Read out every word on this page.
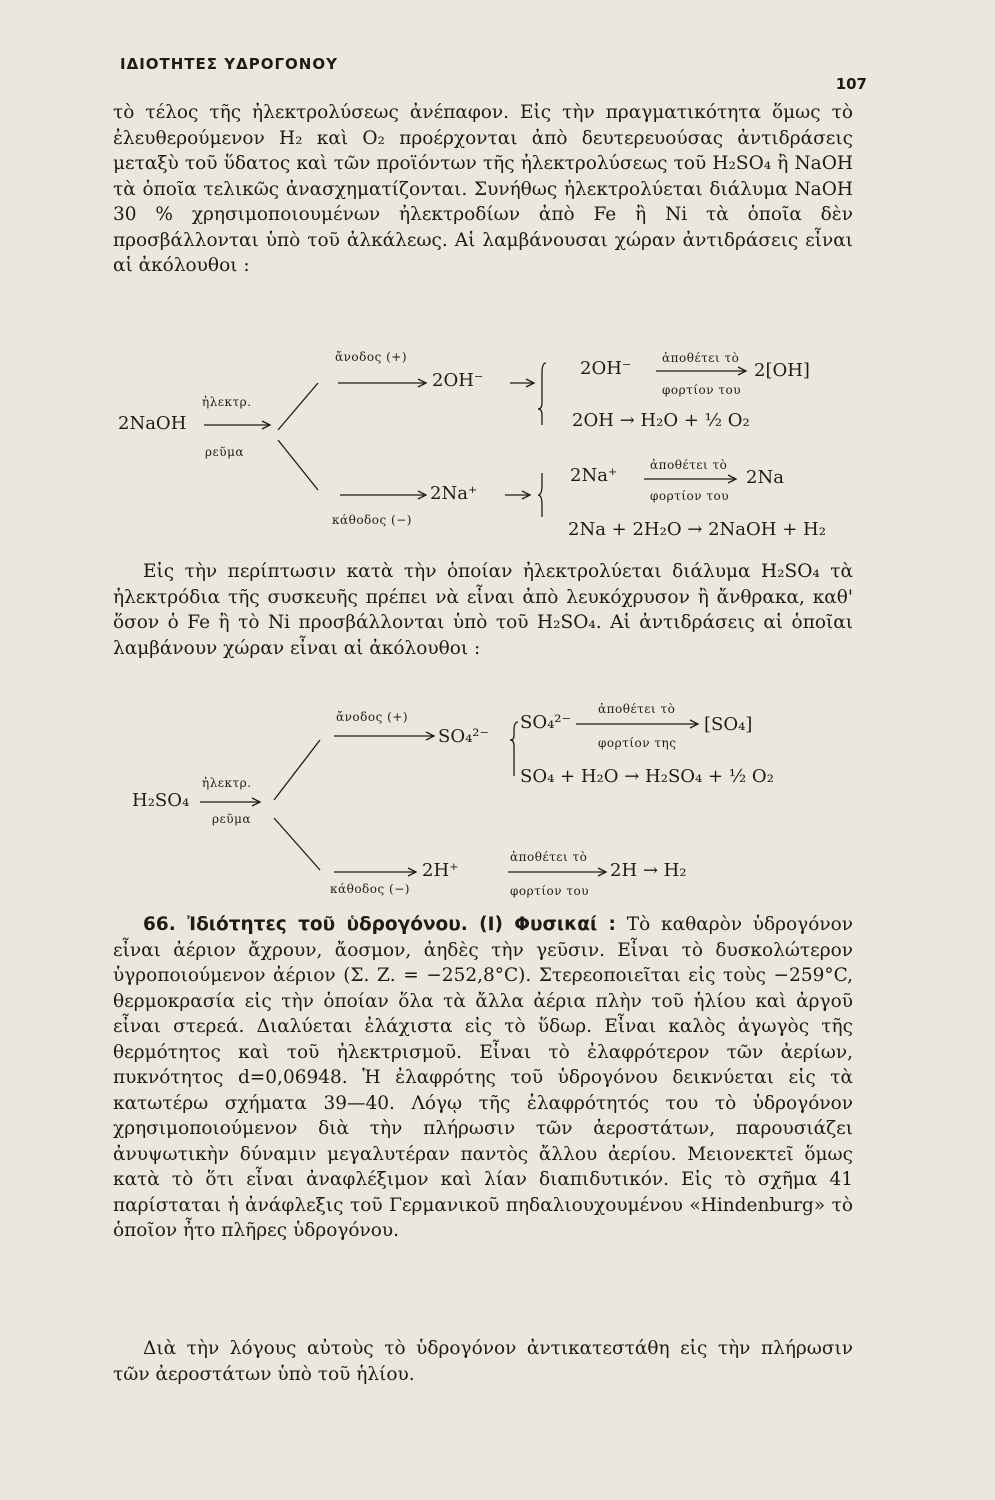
ΙΔΙΟΤΗΤΕΣ ΥΔΡΟΓΟΝΟΥ
107

τὸ τέλος τῆς ἠλεκτρολύσεως ἀνέπαφον. Εἰς τὴν πραγματικότητα ὅμως τὸ ἐλευθερούμενον H₂ καὶ O₂ προέρχονται ἀπὸ δευτερευούσας ἀντιδράσεις μεταξὺ τοῦ ὕδατος καὶ τῶν προϊόντων τῆς ἠλεκτρολύσεως τοῦ H₂SO₄ ἢ NaOH τὰ ὁποῖα τελικῶς ἀνασχηματίζονται. Συνήθως ἠλεκτρολύεται διάλυμα NaOH 30 % χρησιμοποιουμένων ἠλεκτροδίων ἀπὸ Fe ἢ Ni τὰ ὁποῖα δὲν προσβάλλονται ὑπὸ τοῦ ἀλκάλεως. Αἱ λαμβάνουσαι χώραν ἀντιδράσεις εἶναι αἱ ἀκόλουθοι :

2NaOH
ἠλεκτρ.
ρεῦμα
ἄνοδος (+)
2OH⁻
2OH⁻	ἀποθέτει τὸ
φορτίον του
2[OH]
2OH → H₂O + ½ O₂
κάθοδος (−)
2Na⁺
2Na⁺	ἀποθέτει τὸ
φορτίον του
2Na
2Na + 2H₂O → 2NaOH + H₂

Εἰς τὴν περίπτωσιν κατὰ τὴν ὁποίαν ἠλεκτρολύεται διάλυμα H₂SO₄ τὰ ἠλεκτρόδια τῆς συσκευῆς πρέπει νὰ εἶναι ἀπὸ λευκόχρυσον ἢ ἄνθρακα, καθ' ὅσον ὁ Fe ἢ τὸ Ni προσβάλλονται ὑπὸ τοῦ H₂SO₄. Αἱ ἀντιδράσεις αἱ ὁποῖαι λαμβάνουν χώραν εἶναι αἱ ἀκόλουθοι :

H₂SO₄
ἠλεκτρ.
ρεῦμα
ἄνοδος (+)
SO₄²⁻
SO₄²⁻
ἀποθέτει τὸ
φορτίον της
[SO₄]
SO₄ + H₂O → H₂SO₄ + ½ O₂
κάθοδος (−)
2H⁺
ἀποθέτει τὸ
φορτίον του
2H → H₂

66. Ἰδιότητες τοῦ ὑδρογόνου. (Ι) Φυσικαί : Τὸ καθαρὸν ὑδρογόνον εἶναι ἀέριον ἄχρουν, ἄοσμον, ἀηδὲς τὴν γεῦσιν. Εἶναι τὸ δυσκολώτερον ὑγροποιούμενον ἀέριον (Σ. Ζ. = −252,8°C). Στερεοποιεῖται εἰς τοὺς −259°C, θερμοκρασία εἰς τὴν ὁποίαν ὅλα τὰ ἄλλα ἀέρια πλὴν τοῦ ἡλίου καὶ ἀργοῦ εἶναι στερεά. Διαλύεται ἐλάχιστα εἰς τὸ ὕδωρ. Εἶναι καλὸς ἀγωγὸς τῆς θερμότητος καὶ τοῦ ἠλεκτρισμοῦ. Εἶναι τὸ ἐλαφρότερον τῶν ἀερίων, πυκνότητος d=0,06948. Ἡ ἐλαφρότης τοῦ ὑδρογόνου δεικνύεται εἰς τὰ κατωτέρω σχήματα 39—40. Λόγῳ τῆς ἐλαφρότητός του τὸ ὑδρογόνον χρησιμοποιούμενον διὰ τὴν πλήρωσιν τῶν ἀεροστάτων, παρουσιάζει ἀνυψωτικὴν δύναμιν μεγαλυτέραν παντὸς ἄλλου ἀερίου. Μειονεκτεῖ ὅμως κατὰ τὸ ὅτι εἶναι ἀναφλέξιμον καὶ λίαν διαπιδυτικόν. Εἰς τὸ σχῆμα 41 παρίσταται ἡ ἀνάφλεξις τοῦ Γερμανικοῦ πηδαλιουχουμένου «Hindenburg» τὸ ὁποῖον ἦτο πλῆρες ὑδρογόνου.

Διὰ τὴν λόγους αὐτοὺς τὸ ὑδρογόνον ἀντικατεστάθη εἰς τὴν πλήρωσιν τῶν ἀεροστάτων ὑπὸ τοῦ ἡλίου.
